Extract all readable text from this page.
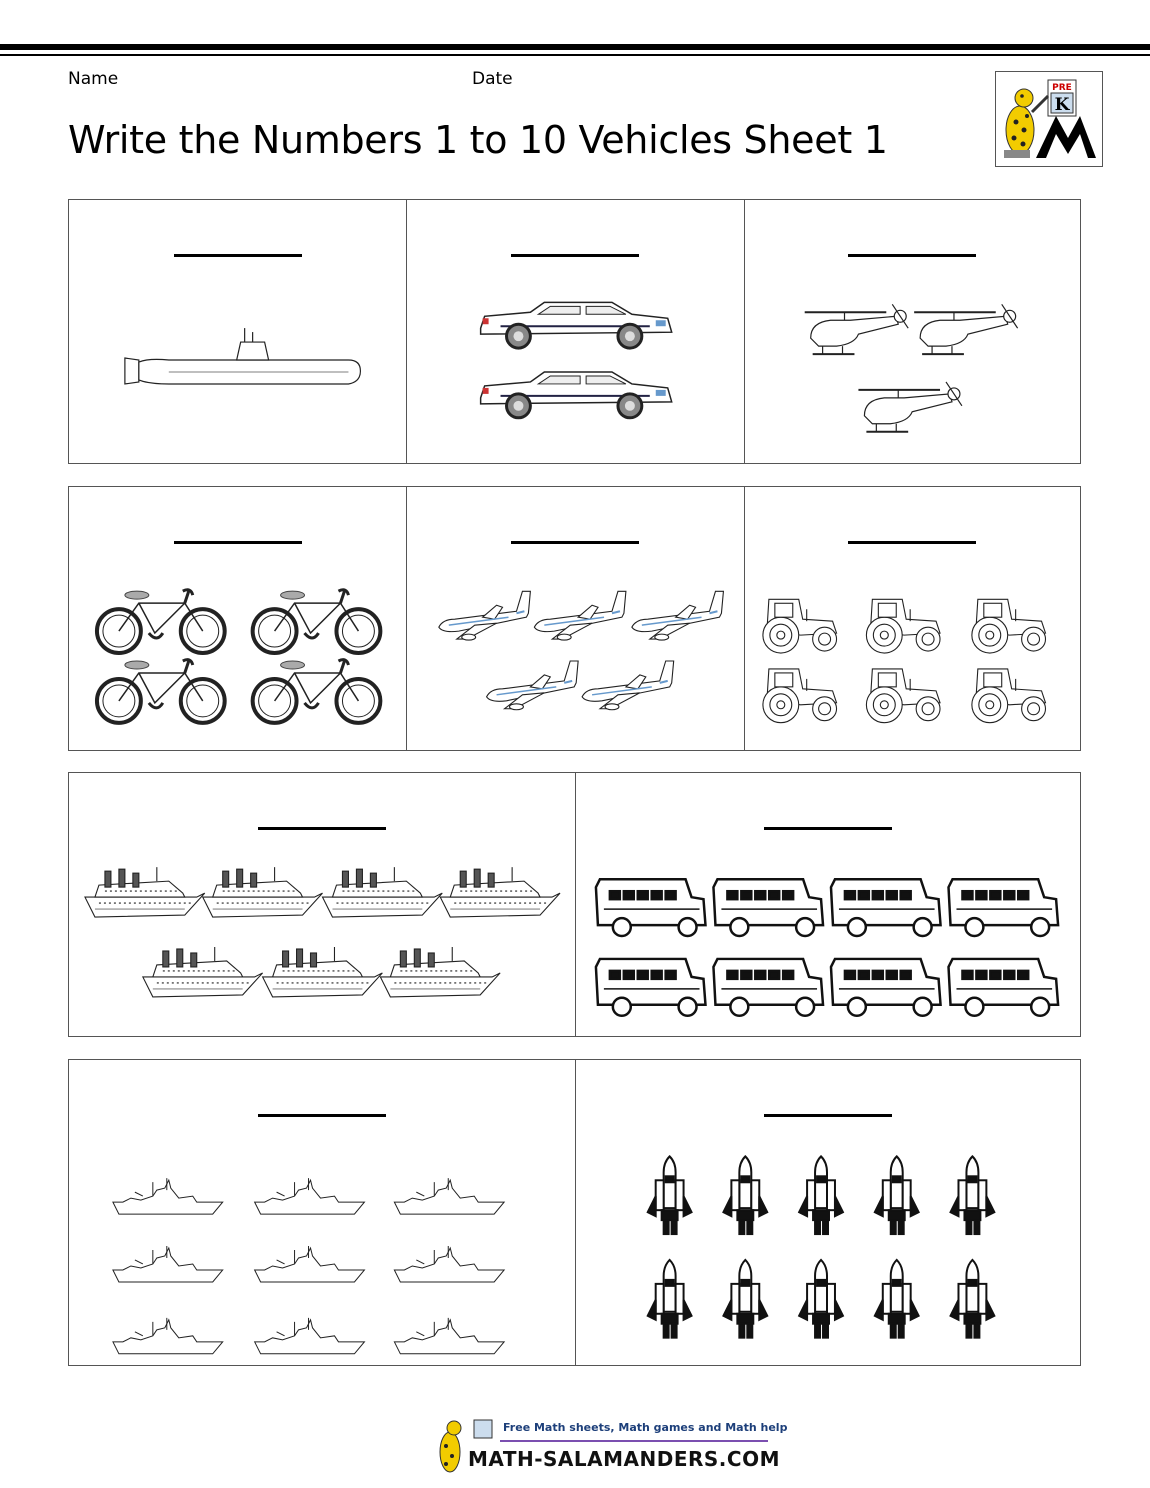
Name	Date
Write the Numbers 1 to 10 Vehicles Sheet 1
PRE
K
Free Math sheets, Math games and Math help
MATH-SALAMANDERS.COM
